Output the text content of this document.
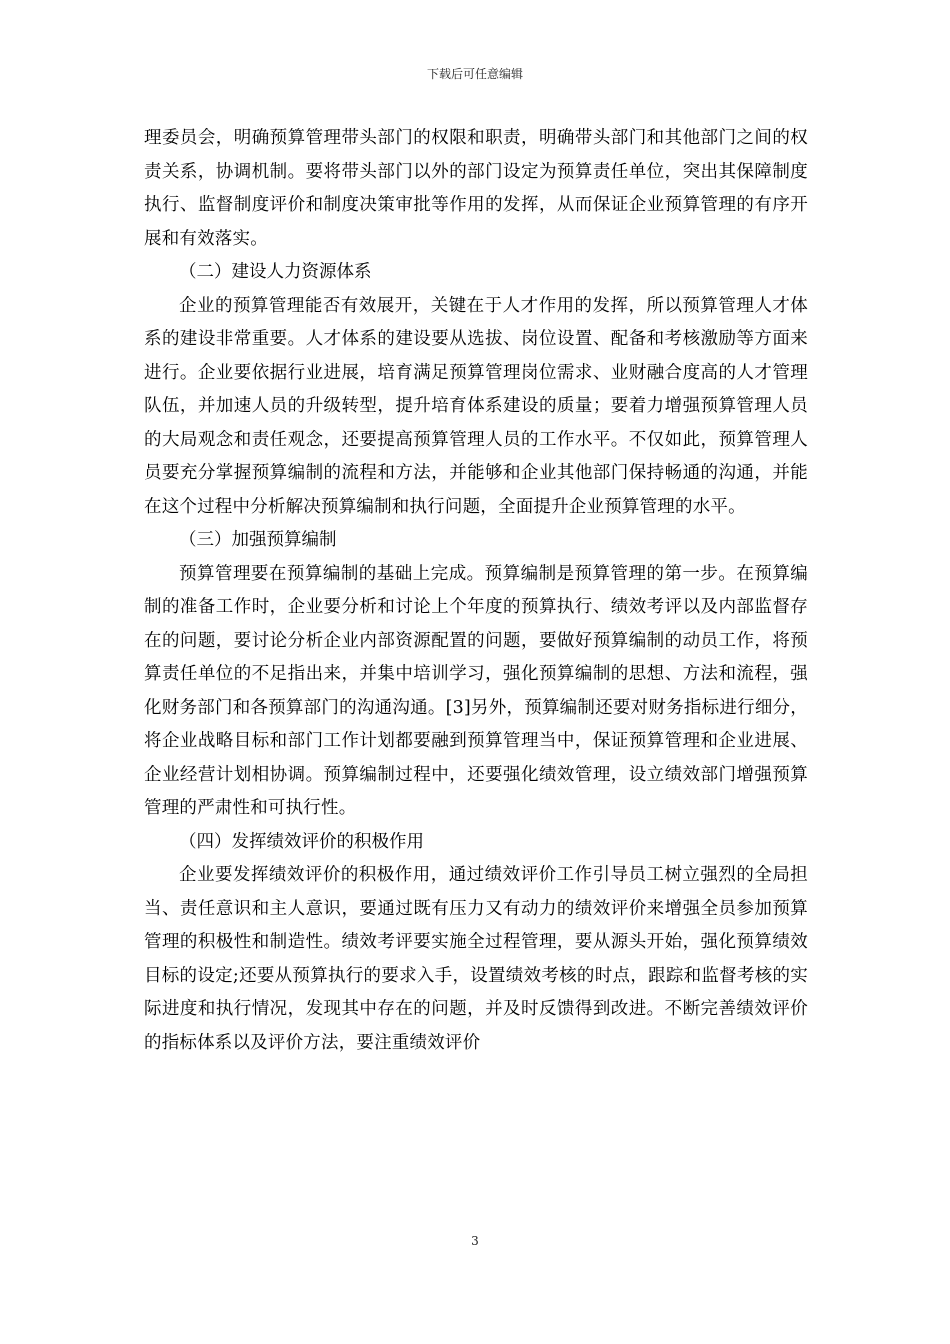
下载后可任意编辑

理委员会，明确预算管理带头部门的权限和职责，明确带头部门和其他部门之间的权责关系，协调机制。要将带头部门以外的部门设定为预算责任单位，突出其保障制度执行、监督制度评价和制度决策审批等作用的发挥，从而保证企业预算管理的有序开展和有效落实。

（二）建设人力资源体系

企业的预算管理能否有效展开，关键在于人才作用的发挥，所以预算管理人才体系的建设非常重要。人才体系的建设要从选拔、岗位设置、配备和考核激励等方面来进行。企业要依据行业进展，培育满足预算管理岗位需求、业财融合度高的人才管理队伍，并加速人员的升级转型，提升培育体系建设的质量；要着力增强预算管理人员的大局观念和责任观念，还要提高预算管理人员的工作水平。不仅如此，预算管理人员要充分掌握预算编制的流程和方法，并能够和企业其他部门保持畅通的沟通，并能在这个过程中分析解决预算编制和执行问题，全面提升企业预算管理的水平。

（三）加强预算编制

预算管理要在预算编制的基础上完成。预算编制是预算管理的第一步。在预算编制的准备工作时，企业要分析和讨论上个年度的预算执行、绩效考评以及内部监督存在的问题，要讨论分析企业内部资源配置的问题，要做好预算编制的动员工作，将预算责任单位的不足指出来，并集中培训学习，强化预算编制的思想、方法和流程，强化财务部门和各预算部门的沟通沟通。[3]另外，预算编制还要对财务指标进行细分，将企业战略目标和部门工作计划都要融到预算管理当中，保证预算管理和企业进展、企业经营计划相协调。预算编制过程中，还要强化绩效管理，设立绩效部门增强预算管理的严肃性和可执行性。

（四）发挥绩效评价的积极作用

企业要发挥绩效评价的积极作用，通过绩效评价工作引导员工树立强烈的全局担当、责任意识和主人意识，要通过既有压力又有动力的绩效评价来增强全员参加预算管理的积极性和制造性。绩效考评要实施全过程管理，要从源头开始，强化预算绩效目标的设定;还要从预算执行的要求入手，设置绩效考核的时点，跟踪和监督考核的实际进度和执行情况，发现其中存在的问题，并及时反馈得到改进。不断完善绩效评价的指标体系以及评价方法，要注重绩效评价

3
